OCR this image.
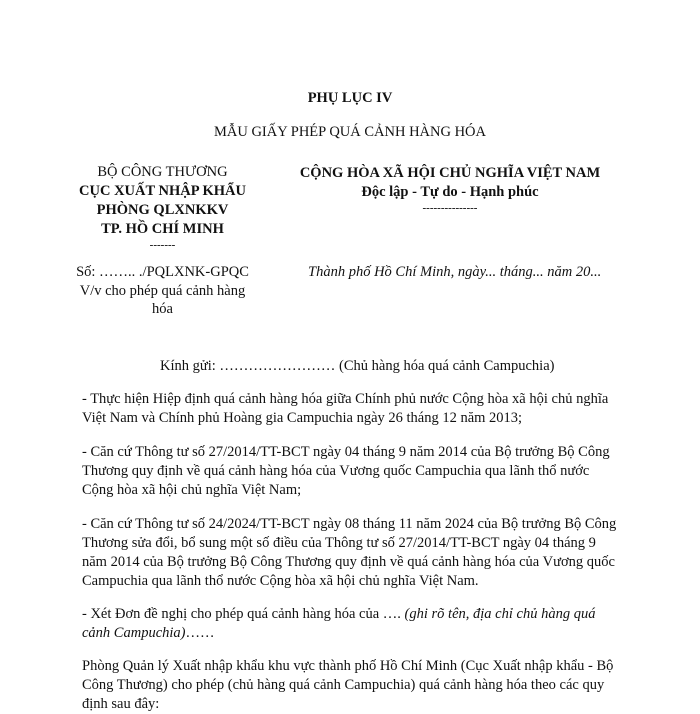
PHỤ LỤC IV
MẪU GIẤY PHÉP QUÁ CẢNH HÀNG HÓA
BỘ CÔNG THƯƠNG
CỤC XUẤT NHẬP KHẨU
PHÒNG QLXNKKV
TP. HỒ CHÍ MINH
-------
CỘNG HÒA XÃ HỘI CHỦ NGHĨA VIỆT NAM
Độc lập - Tự do - Hạnh phúc
---------------
Số: …….. ./PQLXNK-GPQC
V/v cho phép quá cảnh hàng
hóa
Thành phố Hồ Chí Minh, ngày... tháng... năm 20...
Kính gửi: …………………… (Chủ hàng hóa quá cảnh Campuchia)
- Thực hiện Hiệp định quá cảnh hàng hóa giữa Chính phủ nước Cộng hòa xã hội chủ nghĩa Việt Nam và Chính phủ Hoàng gia Campuchia ngày 26 tháng 12 năm 2013;
- Căn cứ Thông tư số 27/2014/TT-BCT ngày 04 tháng 9 năm 2014 của Bộ trưởng Bộ Công Thương quy định về quá cảnh hàng hóa của Vương quốc Campuchia qua lãnh thổ nước Cộng hòa xã hội chủ nghĩa Việt Nam;
- Căn cứ Thông tư số 24/2024/TT-BCT ngày 08 tháng 11 năm 2024 của Bộ trưởng Bộ Công Thương sửa đổi, bổ sung một số điều của Thông tư số 27/2014/TT-BCT ngày 04 tháng 9 năm 2014 của Bộ trưởng Bộ Công Thương quy định về quá cảnh hàng hóa của Vương quốc Campuchia qua lãnh thổ nước Cộng hòa xã hội chủ nghĩa Việt Nam.
- Xét Đơn đề nghị cho phép quá cảnh hàng hóa của …. (ghi rõ tên, địa chỉ chủ hàng quá cảnh Campuchia)……
Phòng Quản lý Xuất nhập khẩu khu vực thành phố Hồ Chí Minh (Cục Xuất nhập khẩu - Bộ Công Thương) cho phép (chủ hàng quá cảnh Campuchia) quá cảnh hàng hóa theo các quy định sau đây:
